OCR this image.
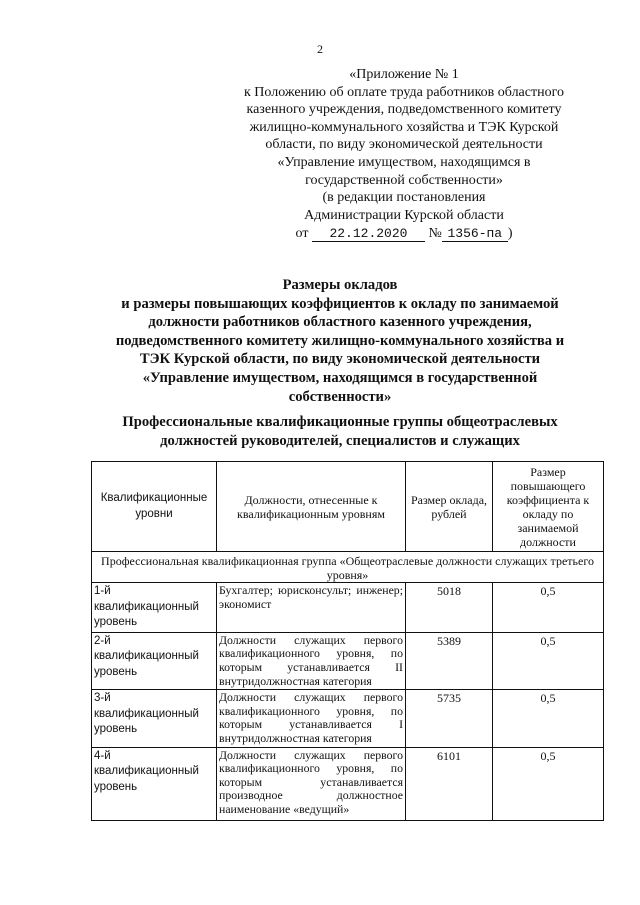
2
«Приложение № 1
к Положению об оплате труда работников областного
казенного учреждения, подведомственного комитету
жилищно-коммунального хозяйства и ТЭК Курской
области, по виду экономической деятельности
«Управление имуществом, находящимся в
государственной собственности»
(в редакции постановления
Администрации Курской области
от 22.12.2020 № 1356-па )
Размеры окладов
и размеры повышающих коэффициентов к окладу по занимаемой
должности работников областного казенного учреждения,
подведомственного комитету жилищно-коммунального хозяйства и
ТЭК Курской области, по виду экономической деятельности
«Управление имуществом, находящимся в государственной
собственности»
Профессиональные квалификационные группы общеотраслевых
должностей руководителей, специалистов и служащих
Квалификационные уровни	Должности, отнесенные к квалификационным уровням	Размер оклада, рублей	Размер повышающего коэффициента к окладу по занимаемой должности
Профессиональная квалификационная группа «Общеотраслевые должности служащих третьего уровня»			
1-й квалификационный уровень	Бухгалтер; юрисконсульт; инженер; экономист	5018	0,5
2-й квалификационный уровень	Должности служащих первого квалификационного уровня, по которым устанавливается II внутридолжностная категория	5389	0,5
3-й квалификационный уровень	Должности служащих первого квалификационного уровня, по которым устанавливается I внутридолжностная категория	5735	0,5
4-й квалификационный уровень	Должности служащих первого квалификационного уровня, по которым устанавливается производное должностное наименование «ведущий»	6101	0,5
